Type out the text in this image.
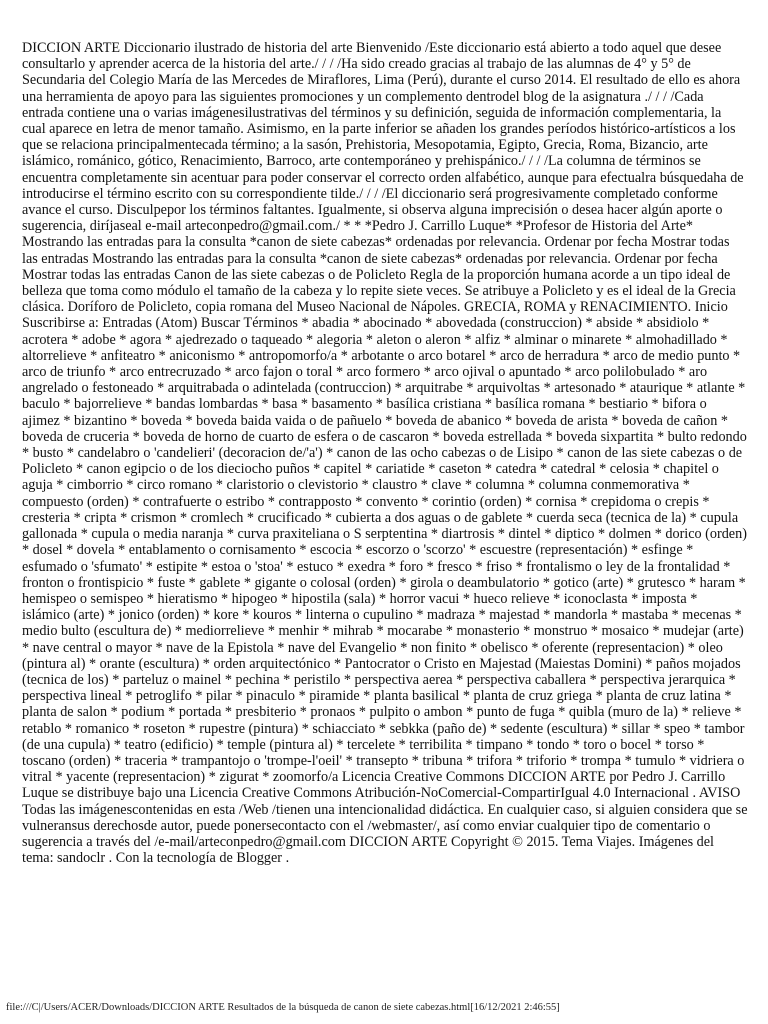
DICCION ARTE Diccionario ilustrado de historia del arte Bienvenido /Este diccionario está abierto a todo aquel que desee consultarlo y aprender acerca de la historia del arte./ / / /Ha sido creado gracias al trabajo de las alumnas de 4° y 5° de Secundaria del Colegio María de las Mercedes de Miraflores, Lima (Perú), durante el curso 2014. El resultado de ello es ahora una herramienta de apoyo para las siguientes promociones y un complemento dentrodel blog de la asignatura ./ / / /Cada entrada contiene una o varias imágenesilustrativas del términos y su definición, seguida de información complementaria, la cual aparece en letra de menor tamaño. Asimismo, en la parte inferior se añaden los grandes períodos histórico-artísticos a los que se relaciona principalmentecada término; a la sasón, Prehistoria, Mesopotamia, Egipto, Grecia, Roma, Bizancio, arte islámico, románico, gótico, Renacimiento, Barroco, arte contemporáneo y prehispánico./ / / /La columna de términos se encuentra completamente sin acentuar para poder conservar el correcto orden alfabético, aunque para efectualra búsquedaha de introducirse el término escrito con su correspondiente tilde./ / / /El diccionario será progresivamente completado conforme avance el curso. Disculpepor los términos faltantes. Igualmente, si observa alguna imprecisión o desea hacer algún aporte o sugerencia, diríjaseal e-mail arteconpedro@gmail.com./ * * *Pedro J. Carrillo Luque* *Profesor de Historia del Arte* Mostrando las entradas para la consulta *canon de siete cabezas* ordenadas por relevancia. Ordenar por fecha Mostrar todas las entradas Mostrando las entradas para la consulta *canon de siete cabezas* ordenadas por relevancia. Ordenar por fecha Mostrar todas las entradas Canon de las siete cabezas o de Policleto Regla de la proporción humana acorde a un tipo ideal de belleza que toma como módulo el tamaño de la cabeza y lo repite siete veces. Se atribuye a Policleto y es el ideal de la Grecia clásica. Doríforo de Policleto, copia romana del Museo Nacional de Nápoles. GRECIA, ROMA y RENACIMIENTO. Inicio Suscribirse a: Entradas (Atom) Buscar Términos * abadia * abocinado * abovedada (construccion) * abside * absidiolo * acrotera * adobe * agora * ajedrezado o taqueado * alegoria * aleton o aleron * alfiz * alminar o minarete * almohadillado * altorrelieve * anfiteatro * aniconismo * antropomorfo/a * arbotante o arco botarel * arco de herradura * arco de medio punto * arco de triunfo * arco entrecruzado * arco fajon o toral * arco formero * arco ojival o apuntado * arco polilobulado * aro angrelado o festoneado * arquitrabada o adintelada (contruccion) * arquitrabe * arquivoltas * artesonado * ataurique * atlante * baculo * bajorrelieve * bandas lombardas * basa * basamento * basílica cristiana * basílica romana * bestiario * bifora o ajimez * bizantino * boveda * boveda baida vaida o de pañuelo * boveda de abanico * boveda de arista * boveda de cañon * boveda de cruceria * boveda de horno de cuarto de esfera o de cascaron * boveda estrellada * boveda sixpartita * bulto redondo * busto * candelabro o 'candelieri' (decoracion de/'a') * canon de las ocho cabezas o de Lisipo * canon de las siete cabezas o de Policleto * canon egipcio o de los dieciocho puños * capitel * cariatide * caseton * catedra * catedral * celosia * chapitel o aguja * cimborrio * circo romano * claristorio o clevistorio * claustro * clave * columna * columna conmemorativa * compuesto (orden) * contrafuerte o estribo * contrapposto * convento * corintio (orden) * cornisa * crepidoma o crepis * cresteria * cripta * crismon * cromlech * crucificado * cubierta a dos aguas o de gablete * cuerda seca (tecnica de la) * cupula gallonada * cupula o media naranja * curva praxiteliana o S serptentina * diartrosis * dintel * diptico * dolmen * dorico (orden) * dosel * dovela * entablamento o cornisamento * escocia * escorzo o 'scorzo' * escuestre (representación) * esfinge * esfumado o 'sfumato' * estipite * estoa o 'stoa' * estuco * exedra * foro * fresco * friso * frontalismo o ley de la frontalidad * fronton o frontispicio * fuste * gablete * gigante o colosal (orden) * girola o deambulatorio * gotico (arte) * grutesco * haram * hemispeo o semispeo * hieratismo * hipogeo * hipostila (sala) * horror vacui * hueco relieve * iconoclasta * imposta * islámico (arte) * jonico (orden) * kore * kouros * linterna o cupulino * madraza * majestad * mandorla * mastaba * mecenas * medio bulto (escultura de) * mediorrelieve * menhir * mihrab * mocarabe * monasterio * monstruo * mosaico * mudejar (arte) * nave central o mayor * nave de la Epistola * nave del Evangelio * non finito * obelisco * oferente (representacion) * oleo (pintura al) * orante (escultura) * orden arquitectónico * Pantocrator o Cristo en Majestad (Maiestas Domini) * paños mojados (tecnica de los) * parteluz o mainel * pechina * peristilo * perspectiva aerea * perspectiva caballera * perspectiva jerarquica * perspectiva lineal * petroglifo * pilar * pinaculo * piramide * planta basilical * planta de cruz griega * planta de cruz latina * planta de salon * podium * portada * presbiterio * pronaos * pulpito o ambon * punto de fuga * quibla (muro de la) * relieve * retablo * romanico * roseton * rupestre (pintura) * schiacciato * sebkka (paño de) * sedente (escultura) * sillar * speo * tambor (de una cupula) * teatro (edificio) * temple (pintura al) * tercelete * terribilita * timpano * tondo * toro o bocel * torso * toscano (orden) * traceria * trampantojo o 'trompe-l'oeil' * transepto * tribuna * trifora * triforio * trompa * tumulo * vidriera o vitral * yacente (representacion) * zigurat * zoomorfo/a Licencia Creative Commons DICCION ARTE por Pedro J. Carrillo Luque se distribuye bajo una Licencia Creative Commons Atribución-NoComercial-CompartirIgual 4.0 Internacional . AVISO Todas las imágenescontenidas en esta /Web /tienen una intencionalidad didáctica. En cualquier caso, si alguien considera que se vulneransus derechosde autor, puede ponersecontacto con el /webmaster/, así como enviar cualquier tipo de comentario o sugerencia a través del /e-mail/arteconpedro@gmail.com DICCION ARTE Copyright © 2015. Tema Viajes. Imágenes del tema: sandoclr . Con la tecnología de Blogger .

file:///C|/Users/ACER/Downloads/DICCION ARTE Resultados de la búsqueda de canon de siete cabezas.html[16/12/2021 2:46:55]
